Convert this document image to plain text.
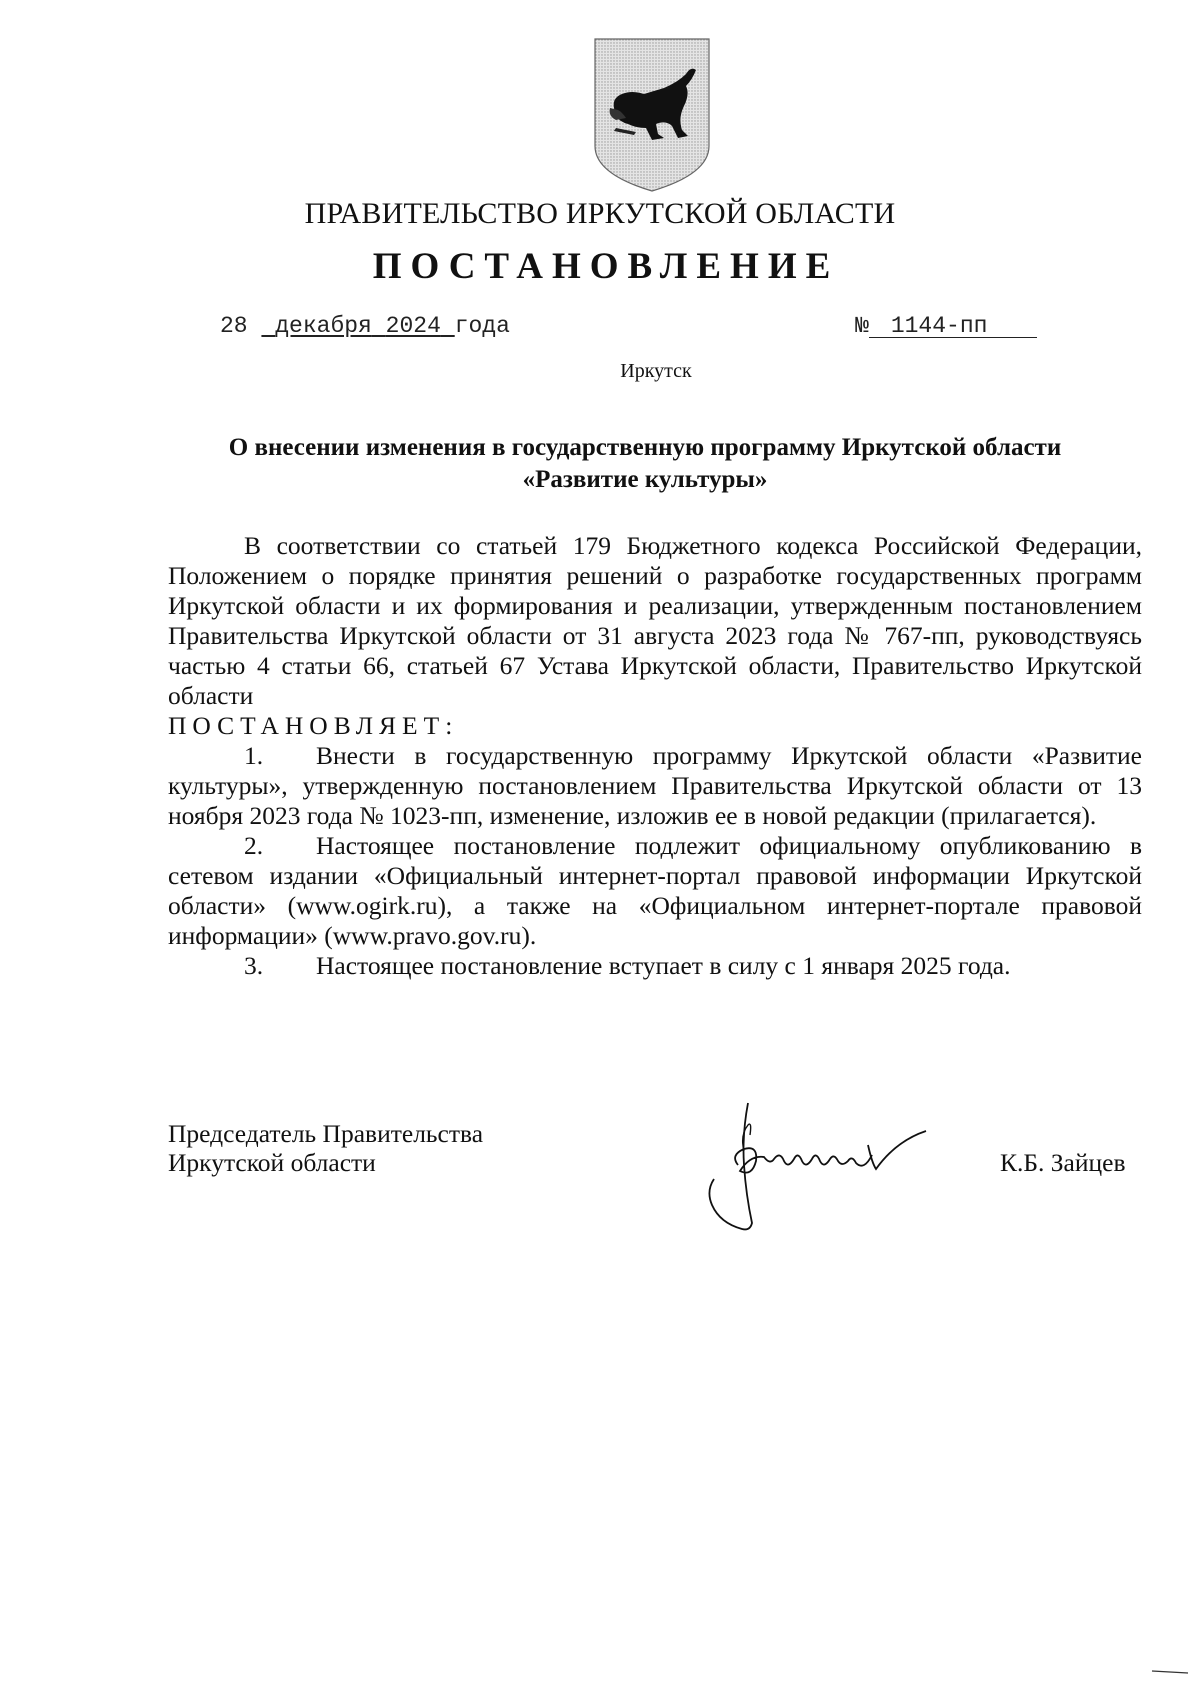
ПРАВИТЕЛЬСТВО ИРКУТСКОЙ ОБЛАСТИ
ПОСТАНОВЛЕНИЕ
28 декабря 2024 года	№ 1144-пп
Иркутск
О внесении изменения в государственную программу Иркутской области
«Развитие культуры»

В соответствии со статьей 179 Бюджетного кодекса Российской Федерации, Положением о порядке принятия решений о разработке государственных программ Иркутской области и их формирования и реализации, утвержденным постановлением Правительства Иркутской области от 31 августа 2023 года № 767-пп, руководствуясь частью 4 статьи 66, статьей 67 Устава Иркутской области, Правительство Иркутской области

ПОСТАНОВЛЯЕТ:

1. Внести в государственную программу Иркутской области «Развитие культуры», утвержденную постановлением Правительства Иркутской области от 13 ноября 2023 года № 1023-пп, изменение, изложив ее в новой редакции (прилагается).

2. Настоящее постановление подлежит официальному опубликованию в сетевом издании «Официальный интернет-портал правовой информации Иркутской области» (www.ogirk.ru), а также на «Официальном интернет-портале правовой информации» (www.pravo.gov.ru).

3. Настоящее постановление вступает в силу с 1 января 2025 года.

Председатель Правительства
Иркутской области	К.Б. Зайцев
